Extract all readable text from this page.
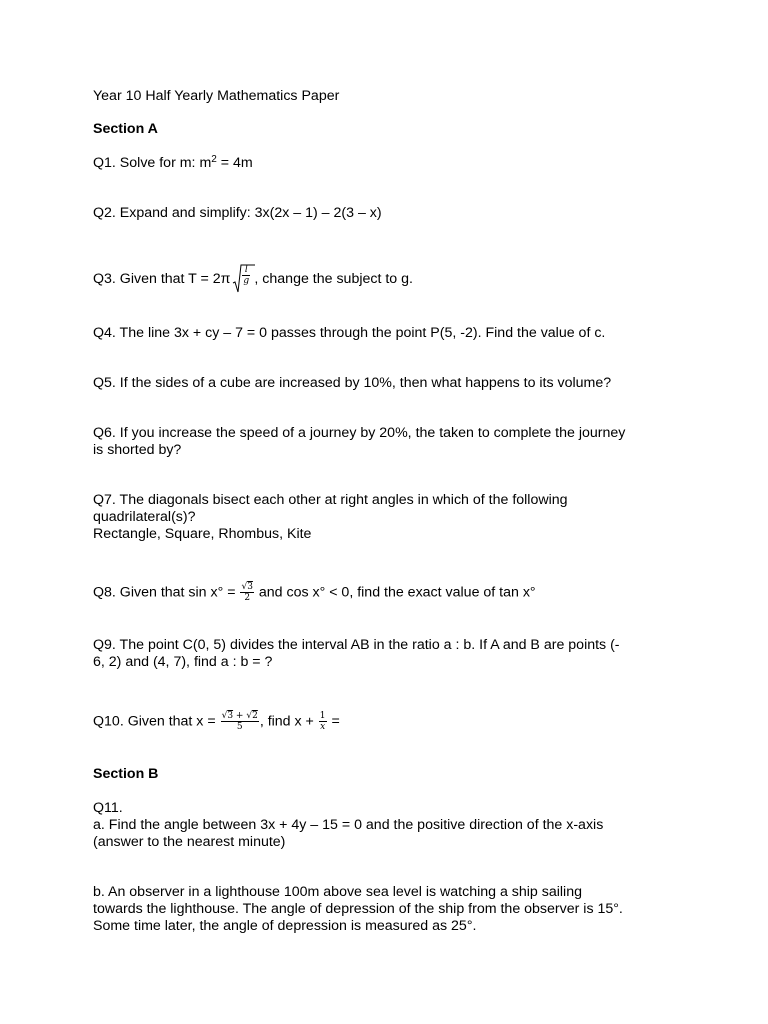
Year 10 Half Yearly Mathematics Paper
Section A
Q1. Solve for m: $m^2 = 4m$
Q2. Expand and simplify: 3x(2x – 1) – 2(3 – x)
Q3. Given that $T = 2\pi \frac{l}{g}$ , change the subject to g.
Q4. The line 3x + cy – 7 = 0 passes through the point P(5, -2). Find the value of c.
Q5. If the sides of a cube are increased by 10%, then what happens to its volume?
Q6. If you increase the speed of a journey by 20%, the taken to complete the journey
is shorted by?
Q7. The diagonals bisect each other at right angles in which of the following
quadrilateral(s)?
Rectangle, Square, Rhombus, Kite
Q8. Given that $\sin x^\circ = \frac{√3}{2}$ and cos x° < 0, find the exact value of tan x°
Q9. The point C(0, 5) divides the interval AB in the ratio a : b. If A and B are points (-
6, 2) and (4, 7), find a : b = ?
Q10. Given that $x = \frac{√3 + √2}{5}$ , find $x + \frac{1}{x}$ =
Section B
Q11.
a. Find the angle between 3x + 4y – 15 = 0 and the positive direction of the x-axis
(answer to the nearest minute)
b. An observer in a lighthouse 100m above sea level is watching a ship sailing
towards the lighthouse. The angle of depression of the ship from the observer is 15°.
Some time later, the angle of depression is measured as 25°.
